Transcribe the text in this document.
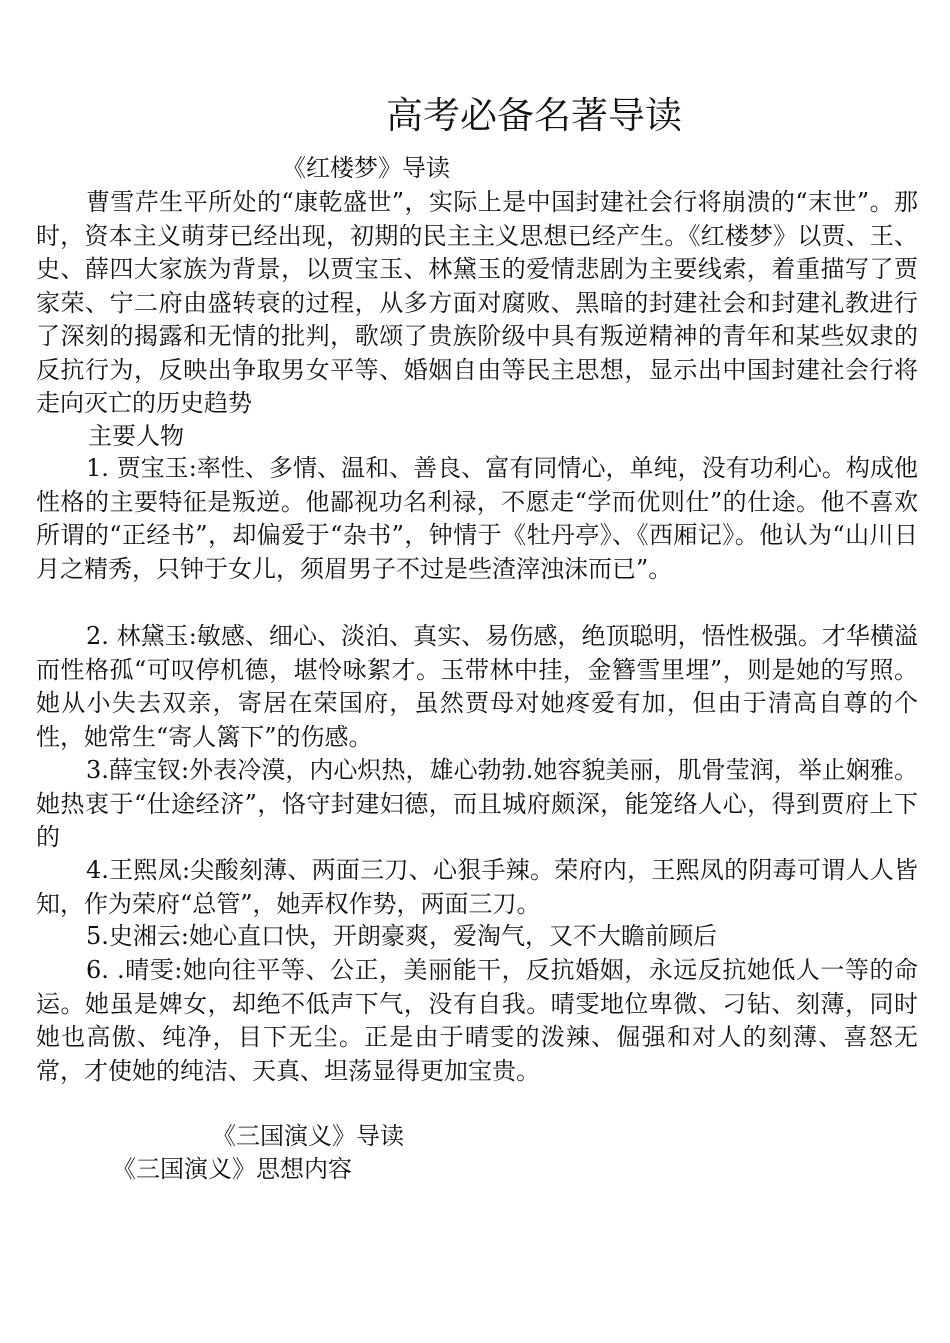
高考必备名著导读
《红楼梦》导读

曹雪芹生平所处的“康乾盛世”，实际上是中国封建社会行将崩溃的“末世”。那时，资本主义萌芽已经出现，初期的民主主义思想已经产生。《红楼梦》以贾、王、史、薛四大家族为背景，以贾宝玉、林黛玉的爱情悲剧为主要线索，着重描写了贾家荣、宁二府由盛转衰的过程，从多方面对腐败、黑暗的封建社会和封建礼教进行了深刻的揭露和无情的批判，歌颂了贵族阶级中具有叛逆精神的青年和某些奴隶的反抗行为，反映出争取男女平等、婚姻自由等民主思想，显示出中国封建社会行将走向灭亡的历史趋势

主要人物

1. 贾宝玉:率性、多情、温和、善良、富有同情心，单纯，没有功利心。构成他性格的主要特征是叛逆。他鄙视功名利禄，不愿走“学而优则仕”的仕途。他不喜欢所谓的“正经书”，却偏爱于“杂书”，钟情于《牡丹亭》、《西厢记》。他认为“山川日月之精秀，只钟于女儿，须眉男子不过是些渣滓浊沫而已”。

2. 林黛玉:敏感、细心、淡泊、真实、易伤感，绝顶聪明，悟性极强。才华横溢而性格孤“可叹停机德，堪怜咏絮才。玉带林中挂，金簪雪里埋”，则是她的写照。她从小失去双亲，寄居在荣国府，虽然贾母对她疼爱有加，但由于清高自尊的个性，她常生“寄人篱下”的伤感。

3.薛宝钗:外表冷漠，内心炽热，雄心勃勃.她容貌美丽，肌骨莹润，举止娴雅。她热衷于“仕途经济”，恪守封建妇德，而且城府颇深，能笼络人心，得到贾府上下的

4.王熙凤:尖酸刻薄、两面三刀、心狠手辣。荣府内，王熙凤的阴毒可谓人人皆知，作为荣府“总管”，她弄权作势，两面三刀。

5.史湘云:她心直口快，开朗豪爽，爱淘气，又不大瞻前顾后

6. .晴雯:她向往平等、公正，美丽能干，反抗婚姻，永远反抗她低人一等的命运。她虽是婢女，却绝不低声下气，没有自我。晴雯地位卑微、刁钻、刻薄，同时她也高傲、纯净，目下无尘。正是由于晴雯的泼辣、倔强和对人的刻薄、喜怒无常，才使她的纯洁、天真、坦荡显得更加宝贵。

《三国演义》导读
《三国演义》思想内容
